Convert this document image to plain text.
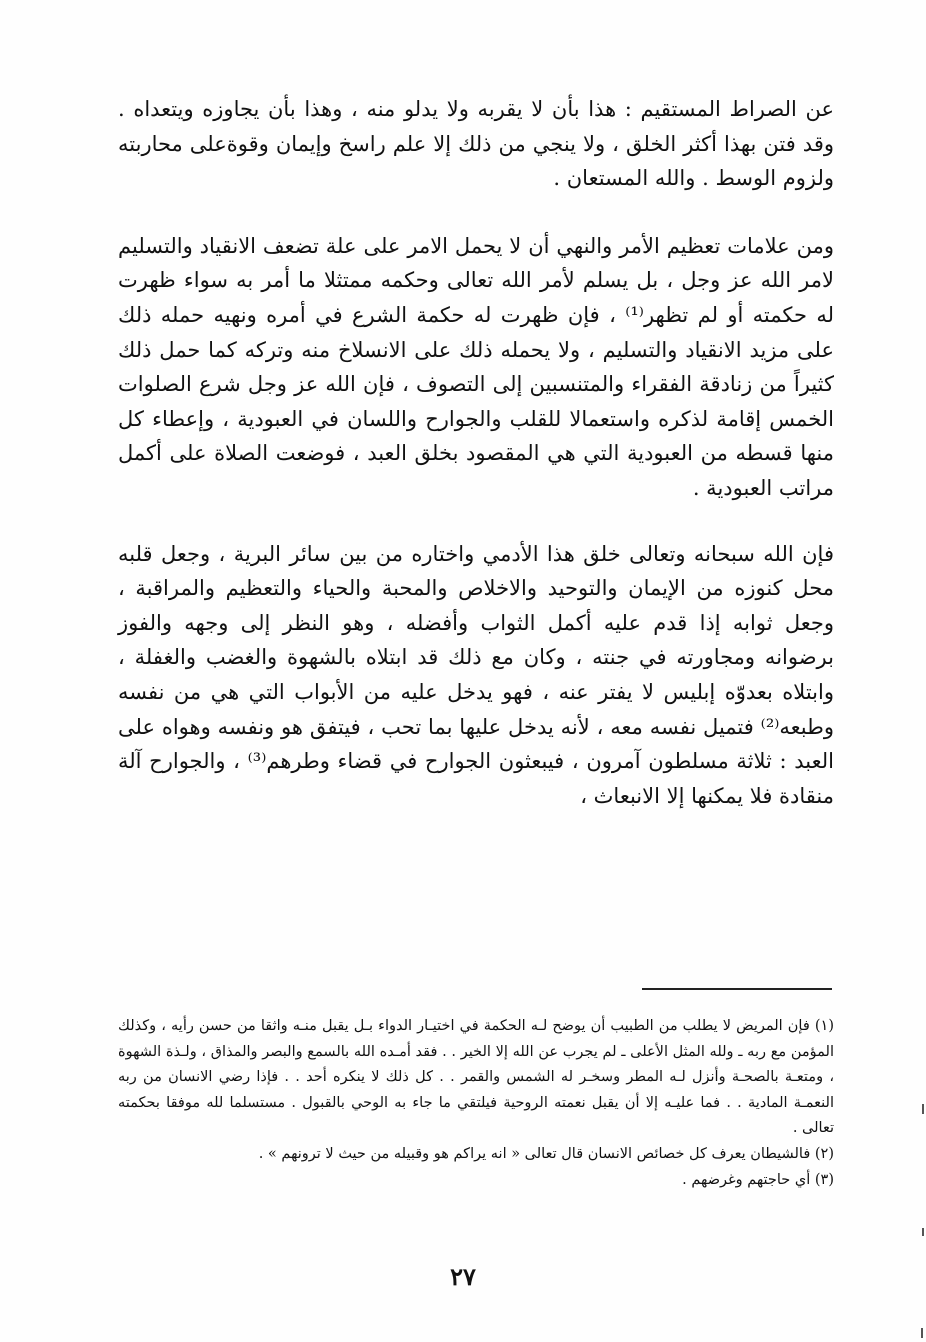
عن الصراط المستقيم : هذا بأن لا يقربه ولا يدلو منه ، وهذا بأن يجاوزه ويتعداه . وقد فتن بهذا أكثر الخلق ، ولا ينجي من ذلك إلا علم راسخ وإيمان وقوةعلى محاربته ولزوم الوسط . والله المستعان .

ومن علامات تعظيم الأمر والنهي أن لا يحمل الامر على علة تضعف الانقياد والتسليم لامر الله عز وجل ، بل يسلم لأمر الله تعالى وحكمه ممتثلا ما أمر به سواء ظهرت له حكمته أو لم تظهر⁽¹⁾ ، فإن ظهرت له حكمة الشرع في أمره ونهيه حمله ذلك على مزيد الانقياد والتسليم ، ولا يحمله ذلك على الانسلاخ منه وتركه كما حمل ذلك كثيراً من زنادقة الفقراء والمتنسبين إلى التصوف ، فإن الله عز وجل شرع الصلوات الخمس إقامة لذكره واستعمالا للقلب والجوارح واللسان في العبودية ، وإعطاء كل منها قسطه من العبودية التي هي المقصود بخلق العبد ، فوضعت الصلاة على أكمل مراتب العبودية .

فإن الله سبحانه وتعالى خلق هذا الأدمي واختاره من بين سائر البرية ، وجعل قلبه محل كنوزه من الإيمان والتوحيد والاخلاص والمحبة والحياء والتعظيم والمراقبة ، وجعل ثوابه إذا قدم عليه أكمل الثواب وأفضله ، وهو النظر إلى وجهه والفوز برضوانه ومجاورته في جنته ، وكان مع ذلك قد ابتلاه بالشهوة والغضب والغفلة ، وابتلاه بعدوّه إبليس لا يفتر عنه ، فهو يدخل عليه من الأبواب التي هي من نفسه وطبعه⁽²⁾ فتميل نفسه معه ، لأنه يدخل عليها بما تحب ، فيتفق هو ونفسه وهواه على العبد : ثلاثة مسلطون آمرون ، فيبعثون الجوارح في قضاء وطرهم⁽³⁾ ، والجوارح آلة منقادة فلا يمكنها إلا الانبعاث ،

(١) فإن المريض لا يطلب من الطبيب أن يوضح لـه الحكمة في اختيـار الدواء بـل يقبل منـه واثقا من حسن رأيه ، وكذلك المؤمن مع ربه ـ ولله المثل الأعلى ـ لم يجرب عن الله إلا الخير . . فقد أمـده الله بالسمع والبصر والمذاق ، ولـذة الشهوة ، ومتعـة بالصحـة وأنزل لـه المطر وسخـر له الشمس والقمر . . كل ذلك لا ينكره أحد . . فإذا رضي الانسان من ربه النعمـة المادية . . فما عليـه إلا أن يقبل نعمته الروحية فيلتقي ما جاء به الوحي بالقبول . مستسلما لله موفقا بحكمته تعالى .

(٢) فالشيطان يعرف كل خصائص الانسان قال تعالى « انه يراكم هو وقبيله من حيث لا ترونهم » .

(٣) أي حاجتهم وغرضهم .

٢٧
